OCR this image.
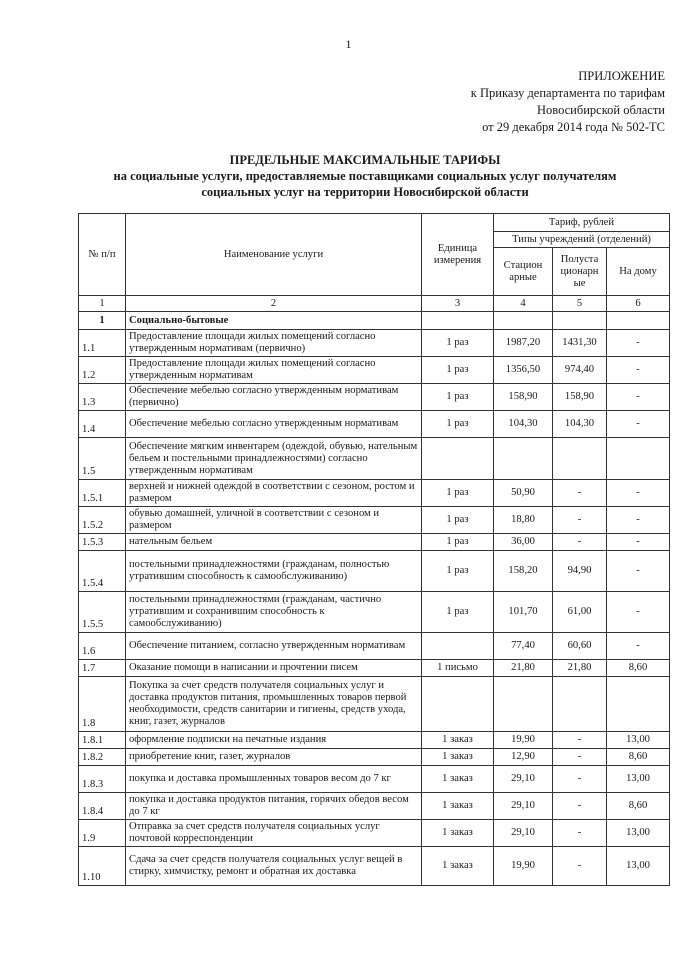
1
ПРИЛОЖЕНИЕ
к Приказу департамента по тарифам
Новосибирской области
от 29 декабря 2014 года № 502-ТС
ПРЕДЕЛЬНЫЕ МАКСИМАЛЬНЫЕ ТАРИФЫ
на социальные услуги, предоставляемые поставщиками социальных услуг получателям
социальных услуг на территории Новосибирской области
№ п/п	Наименование услуги	Единица измерения	Тариф, рублей		
			Типы учреждений (отделений)		
			Стацион арные	Полуста ционарн ые	На дому
1	2	3	4	5	6
1	Социально-бытовые				
1.1	Предоставление площади жилых помещений согласно утвержденным нормативам (первично)	1 раз	1987,20	1431,30	-
1.2	Предоставление площади жилых помещений согласно утвержденным нормативам	1 раз	1356,50	974,40	-
1.3	Обеспечение мебелью согласно утвержденным нормативам (первично)	1 раз	158,90	158,90	-
1.4	Обеспечение мебелью согласно утвержденным нормативам	1 раз	104,30	104,30	-
1.5	Обеспечение мягким инвентарем (одеждой, обувью, нательным бельем и постельными принадлежностями) согласно утвержденным нормативам				
1.5.1	верхней и нижней одеждой в соответствии с сезоном, ростом и размером	1 раз	50,90	-	-
1.5.2	обувью домашней, уличной в соответствии с сезоном и размером	1 раз	18,80	-	-
1.5.3	нательным бельем	1 раз	36,00	-	-
1.5.4	постельными принадлежностями (гражданам, полностью утратившим способность к самообслуживанию)	1 раз	158,20	94,90	-
1.5.5	постельными принадлежностями (гражданам, частично утратившим и сохранившим способность к самообслуживанию)	1 раз	101,70	61,00	-
1.6	Обеспечение питанием, согласно утвержденным нормативам		77,40	60,60	-
1.7	Оказание помощи в написании и прочтении писем	1 письмо	21,80	21,80	8,60
1.8	Покупка за счет средств получателя социальных услуг и доставка продуктов питания, промышленных товаров первой необходимости, средств санитарии и гигиены, средств ухода, книг, газет, журналов				
1.8.1	оформление подписки на печатные издания	1 заказ	19,90	-	13,00
1.8.2	приобретение книг, газет, журналов	1 заказ	12,90	-	8,60
1.8.3	покупка и доставка промышленных товаров весом до 7 кг	1 заказ	29,10	-	13,00
1.8.4	покупка и доставка продуктов питания, горячих обедов весом до 7 кг	1 заказ	29,10	-	8,60
1.9	Отправка за счет средств получателя социальных услуг почтовой корреспонденции	1 заказ	29,10	-	13,00
1.10	Сдача за счет средств получателя социальных услуг вещей в стирку, химчистку, ремонт и обратная их доставка	1 заказ	19,90	-	13,00
